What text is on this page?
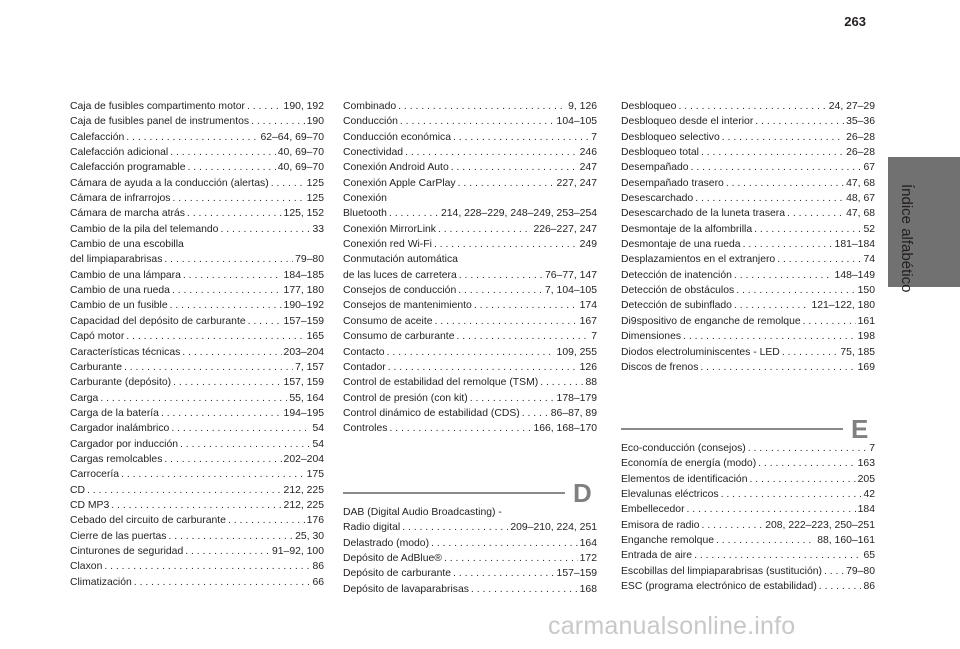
263
Índice alfabético
Caja de fusibles compartimento motor . . .	190, 192
Caja de fusibles panel de instrumentos . . .	190
Calefacción . . .	62–64, 69–70
Calefacción adicional . . .	40, 69–70
Calefacción programable . . .	40, 69–70
Cámara de ayuda a la conducción (alertas) . . .	125
Cámara de infrarrojos . . .	125
Cámara de marcha atrás . . .	125, 152
Cambio de la pila del telemando . . .	33
Cambio de una escobilla
del limpiaparabrisas . . .	79–80
Cambio de una lámpara . . .	184–185
Cambio de una rueda . . .	177, 180
Cambio de un fusible . . .	190–192
Capacidad del depósito de carburante . . .	157–159
Capó motor . . .	165
Características técnicas . . .	203–204
Carburante . . .	7, 157
Carburante (depósito) . . .	157, 159
Carga . . .	55, 164
Carga de la batería . . .	194–195
Cargador inalámbrico . . .	54
Cargador por inducción . . .	54
Cargas remolcables . . .	202–204
Carrocería . . .	175
CD . . .	212, 225
CD MP3 . . .	212, 225
Cebado del circuito de carburante . . .	176
Cierre de las puertas . . .	25, 30
Cinturones de seguridad . . .	91–92, 100
Claxon . . .	86
Climatización . . .	66
Combinado . . .	9, 126
Conducción . . .	104–105
Conducción económica . . .	7
Conectividad . . .	246
Conexión Android Auto . . .	247
Conexión Apple CarPlay . . .	227, 247
Conexión
Bluetooth . . .	214, 228–229, 248–249, 253–254
Conexión MirrorLink . . .	226–227, 247
Conexión red Wi-Fi . . .	249
Conmutación automática
de las luces de carretera . . .	76–77, 147
Consejos de conducción . . .	7, 104–105
Consejos de mantenimiento . . .	174
Consumo de aceite . . .	167
Consumo de carburante . . .	7
Contacto . . .	109, 255
Contador . . .	126
Control de estabilidad del remolque (TSM) . . .	88
Control de presión (con kit) . . .	178–179
Control dinámico de estabilidad (CDS) . . .	86–87, 89
Controles . . .	166, 168–170
Desbloqueo . . .	24, 27–29
Desbloqueo desde el interior . . .	35–36
Desbloqueo selectivo . . .	26–28
Desbloqueo total . . .	26–28
Desempañado . . .	67
Desempañado trasero . . .	47, 68
Desescarchado . . .	48, 67
Desescarchado de la luneta trasera . . .	47, 68
Desmontaje de la alfombrilla . . .	52
Desmontaje de una rueda . . .	181–184
Desplazamientos en el extranjero . . .	74
Detección de inatención . . .	148–149
Detección de obstáculos . . .	150
Detección de subinflado . . .	121–122, 180
Di9spositivo de enganche de remolque . . .	161
Dimensiones . . .	198
Diodos electroluminiscentes - LED . . .	75, 185
Discos de frenos . . .	169
D
DAB (Digital Audio Broadcasting) -
Radio digital . . .	209–210, 224, 251
Delastrado (modo) . . .	164
Depósito de AdBlue® . . .	172
Depósito de carburante . . .	157–159
Depósito de lavaparabrisas . . .	168
E
Eco-conducción (consejos) . . .	7
Economía de energía (modo) . . .	163
Elementos de identificación . . .	205
Elevalunas eléctricos . . .	42
Embellecedor . . .	184
Emisora de radio . . .	208, 222–223, 250–251
Enganche remolque . . .	88, 160–161
Entrada de aire . . .	65
Escobillas del limpiaparabrisas (sustitución) . . . 79–80
ESC (programa electrónico de estabilidad) . . .	86
carmanualsonline.info
